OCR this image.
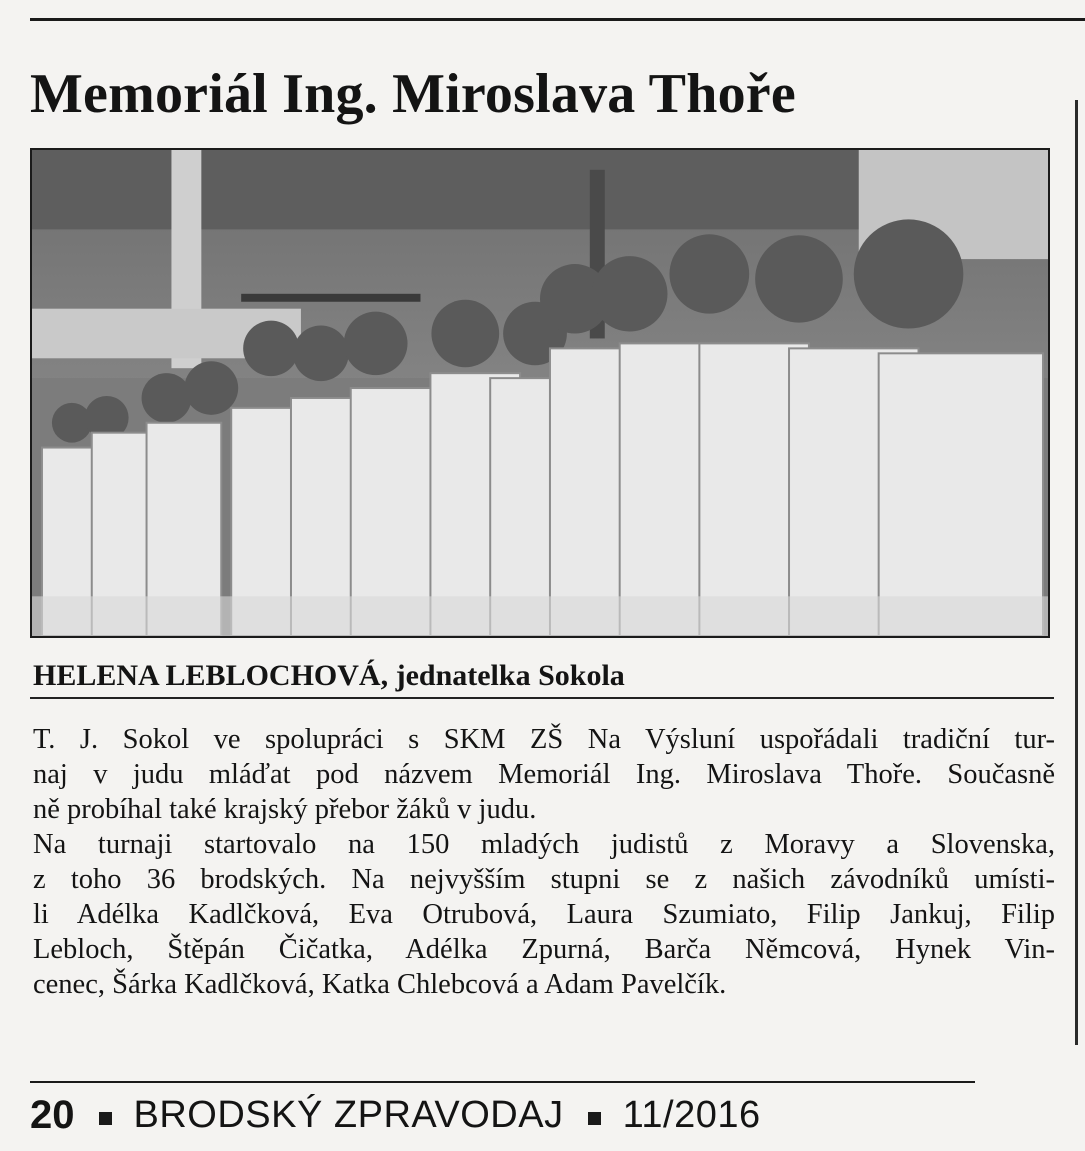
Memoriál Ing. Miroslava Thoře
HELENA LEBLOCHOVÁ, jednatelka Sokola

T. J. Sokol ve spolupráci s SKM ZŠ Na Výsluní uspořádali tradiční tur-
naj v judu mláďat pod názvem Memoriál Ing. Miroslava Thoře. Současně
ně probíhal také krajský přebor žáků v judu.
Na turnaji startovalo na 150 mladých judistů z Moravy a Slovenska,
z toho 36 brodských. Na nejvyšším stupni se z našich závodníků umísti-
li Adélka Kadlčková, Eva Otrubová, Laura Szumiato, Filip Jankuj, Filip
Lebloch, Štěpán Čičatka, Adélka Zpurná, Barča Němcová, Hynek Vin-
cenec, Šárka Kadlčková, Katka Chlebcová a Adam Pavelčík.

20 BRODSKÝ ZPRAVODAJ 11/2016
